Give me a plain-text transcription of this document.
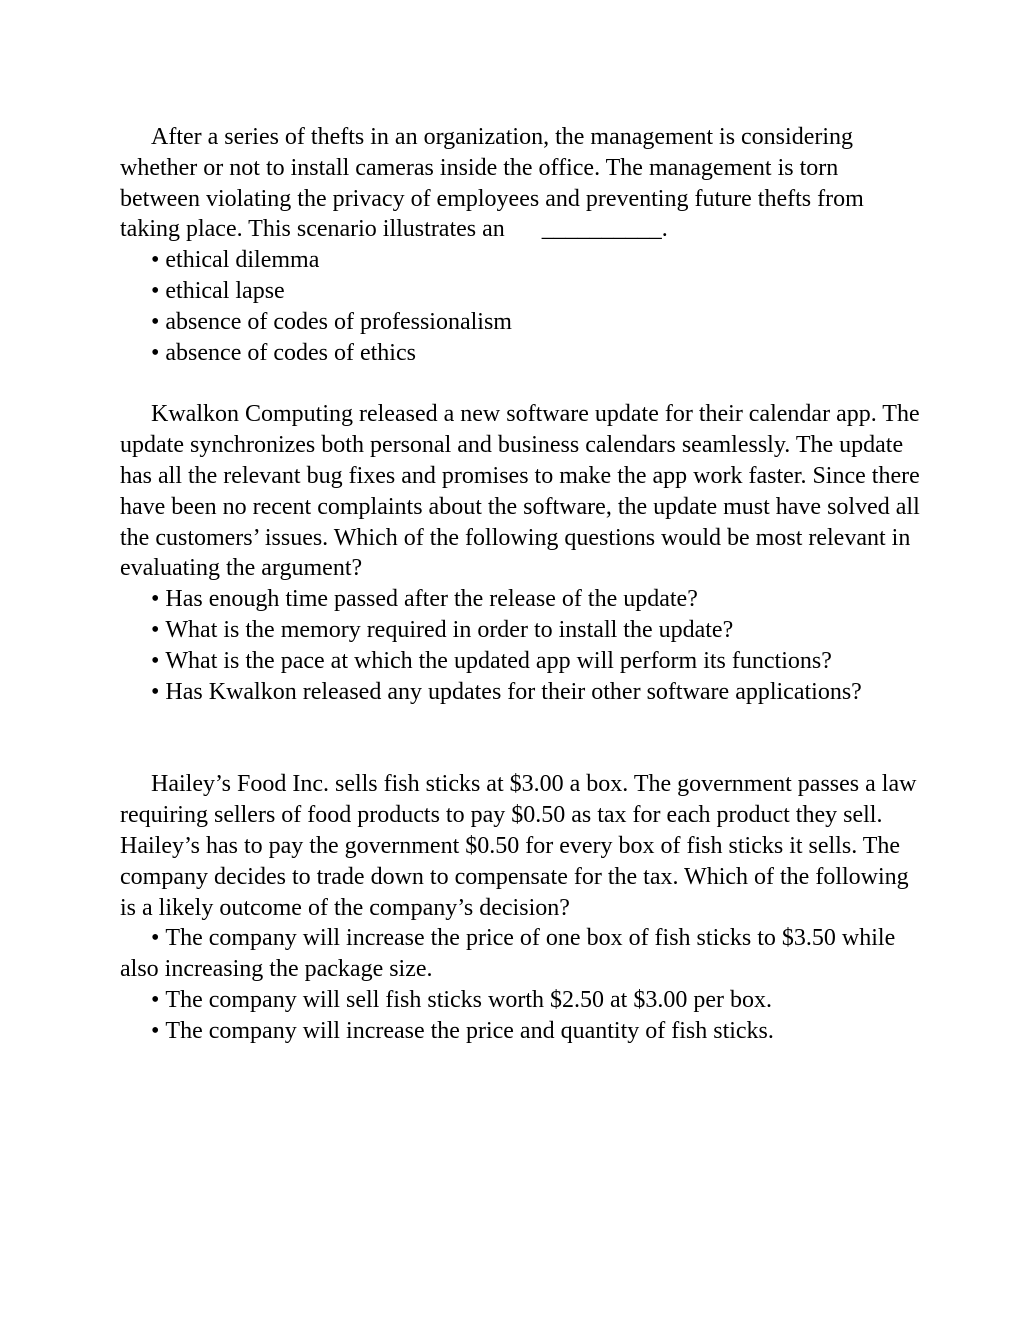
After a series of thefts in an organization, the management is considering whether or not to install cameras inside the office. The management is torn between violating the privacy of employees and preventing future thefts from taking place. This scenario illustrates an __________.

• ethical dilemma
• ethical lapse
• absence of codes of professionalism
• absence of codes of ethics

Kwalkon Computing released a new software update for their calendar app. The update synchronizes both personal and business calendars seamlessly. The update has all the relevant bug fixes and promises to make the app work faster. Since there have been no recent complaints about the software, the update must have solved all the customers’ issues. Which of the following questions would be most relevant in evaluating the argument?

• Has enough time passed after the release of the update?
• What is the memory required in order to install the update?
• What is the pace at which the updated app will perform its functions?
• Has Kwalkon released any updates for their other software applications?

Hailey’s Food Inc. sells fish sticks at $3.00 a box. The government passes a law requiring sellers of food products to pay $0.50 as tax for each product they sell. Hailey’s has to pay the government $0.50 for every box of fish sticks it sells. The company decides to trade down to compensate for the tax. Which of the following is a likely outcome of the company’s decision?

• The company will increase the price of one box of fish sticks to $3.50 while also increasing the package size.
• The company will sell fish sticks worth $2.50 at $3.00 per box.
• The company will increase the price and quantity of fish sticks.
